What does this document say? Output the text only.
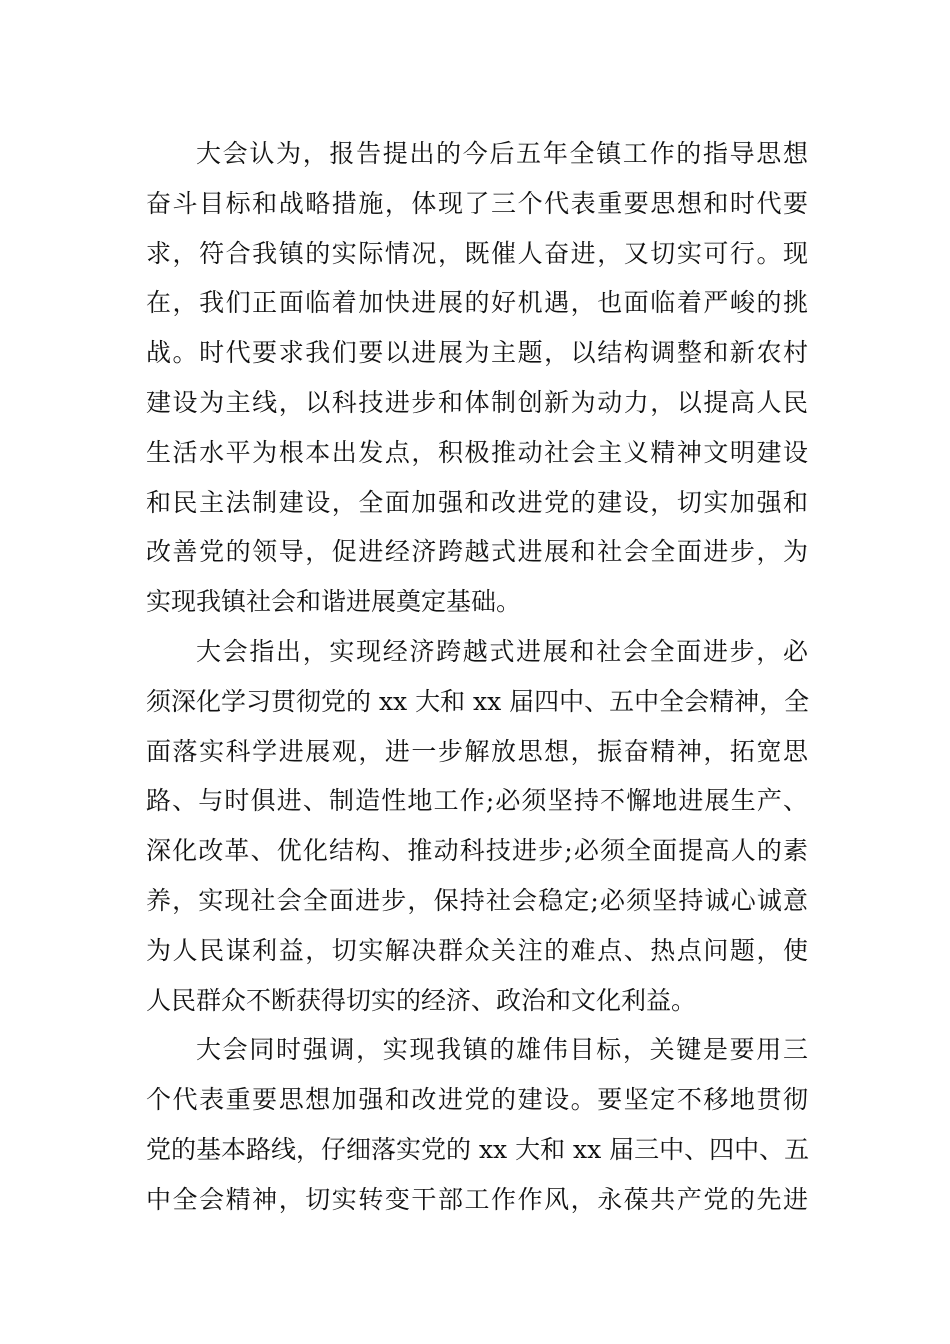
大会认为，报告提出的今后五年全镇工作的指导思想
奋斗目标和战略措施，体现了三个代表重要思想和时代要
求，符合我镇的实际情况，既催人奋进，又切实可行。现
在，我们正面临着加快进展的好机遇，也面临着严峻的挑
战。时代要求我们要以进展为主题，以结构调整和新农村
建设为主线，以科技进步和体制创新为动力，以提高人民
生活水平为根本出发点，积极推动社会主义精神文明建设
和民主法制建设，全面加强和改进党的建设，切实加强和
改善党的领导，促进经济跨越式进展和社会全面进步，为
实现我镇社会和谐进展奠定基础。
大会指出，实现经济跨越式进展和社会全面进步，必
须深化学习贯彻党的 xx 大和 xx 届四中、五中全会精神，全
面落实科学进展观，进一步解放思想，振奋精神，拓宽思
路、与时俱进、制造性地工作;必须坚持不懈地进展生产、
深化改革、优化结构、推动科技进步;必须全面提高人的素
养，实现社会全面进步，保持社会稳定;必须坚持诚心诚意
为人民谋利益，切实解决群众关注的难点、热点问题，使
人民群众不断获得切实的经济、政治和文化利益。
大会同时强调，实现我镇的雄伟目标，关键是要用三
个代表重要思想加强和改进党的建设。要坚定不移地贯彻
党的基本路线，仔细落实党的 xx 大和 xx 届三中、四中、五
中全会精神，切实转变干部工作作风，永葆共产党的先进
